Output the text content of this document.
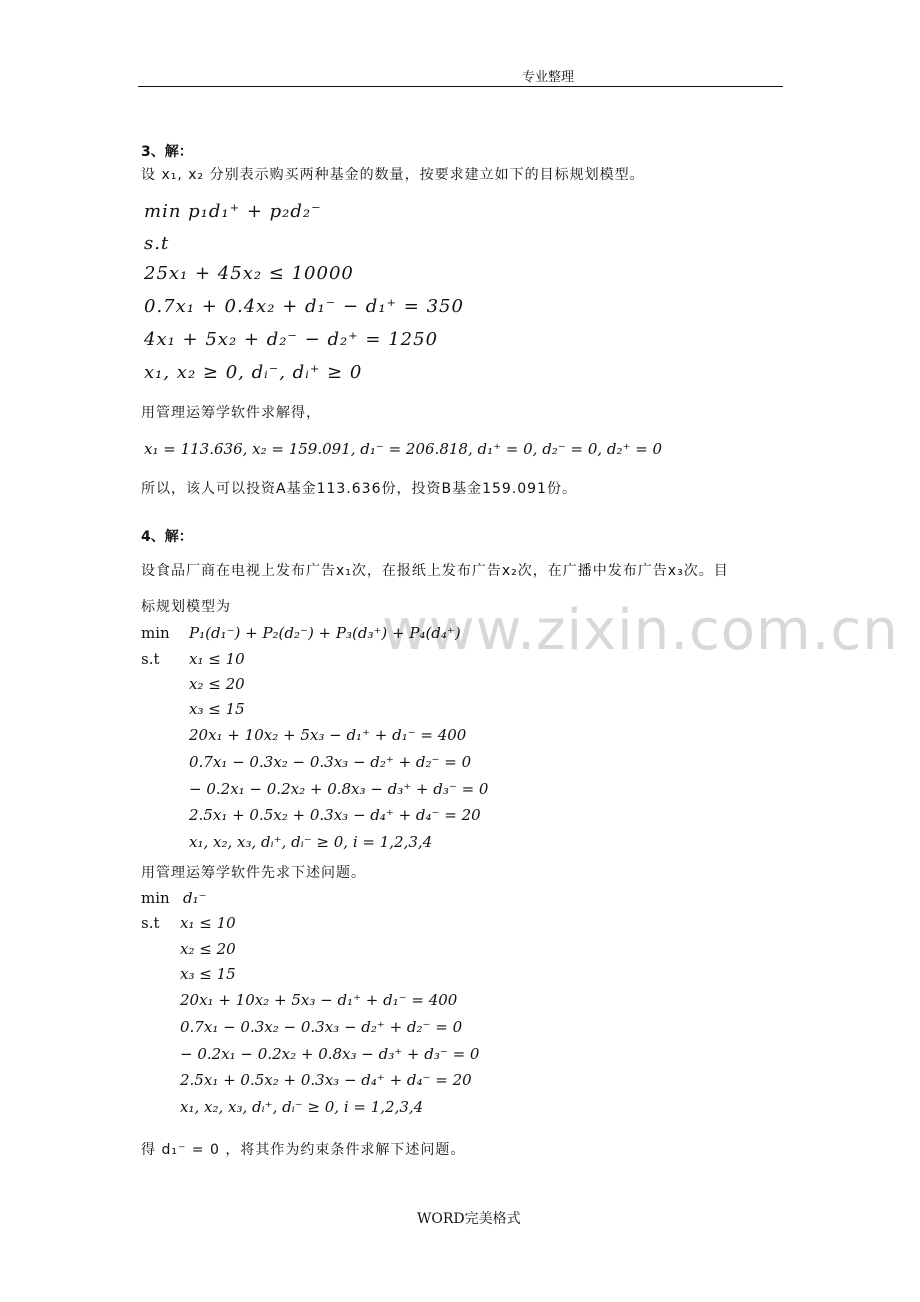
专业整理
www.zixin.com.cn
3、解：
设 x₁, x₂ 分别表示购买两种基金的数量，按要求建立如下的目标规划模型。
min p₁d₁⁺ + p₂d₂⁻
s.t
25x₁ + 45x₂ ≤ 10000
0.7x₁ + 0.4x₂ + d₁⁻ − d₁⁺ = 350
4x₁ + 5x₂ + d₂⁻ − d₂⁺ = 1250
x₁, x₂ ≥ 0, dᵢ⁻, dᵢ⁺ ≥ 0
用管理运筹学软件求解得，
x₁ = 113.636, x₂ = 159.091, d₁⁻ = 206.818, d₁⁺ = 0, d₂⁻ = 0, d₂⁺ = 0
所以，该人可以投资A基金113.636份，投资B基金159.091份。
4、解：
设食品厂商在电视上发布广告x₁次，在报纸上发布广告x₂次，在广播中发布广告x₃次。目
标规划模型为
min P₁(d₁⁻) + P₂(d₂⁻) + P₃(d₃⁺) + P₄(d₄⁺)
s.t x₁ ≤ 10
x₂ ≤ 20
x₃ ≤ 15
20x₁ + 10x₂ + 5x₃ − d₁⁺ + d₁⁻ = 400
0.7x₁ − 0.3x₂ − 0.3x₃ − d₂⁺ + d₂⁻ = 0
− 0.2x₁ − 0.2x₂ + 0.8x₃ − d₃⁺ + d₃⁻ = 0
2.5x₁ + 0.5x₂ + 0.3x₃ − d₄⁺ + d₄⁻ = 20
x₁, x₂, x₃, dᵢ⁺, dᵢ⁻ ≥ 0, i = 1,2,3,4
用管理运筹学软件先求下述问题。
min d₁⁻
s.t x₁ ≤ 10
x₂ ≤ 20
x₃ ≤ 15
20x₁ + 10x₂ + 5x₃ − d₁⁺ + d₁⁻ = 400
0.7x₁ − 0.3x₂ − 0.3x₃ − d₂⁺ + d₂⁻ = 0
− 0.2x₁ − 0.2x₂ + 0.8x₃ − d₃⁺ + d₃⁻ = 0
2.5x₁ + 0.5x₂ + 0.3x₃ − d₄⁺ + d₄⁻ = 20
x₁, x₂, x₃, dᵢ⁺, dᵢ⁻ ≥ 0, i = 1,2,3,4
得 d₁⁻ = 0 ，将其作为约束条件求解下述问题。
WORD完美格式
